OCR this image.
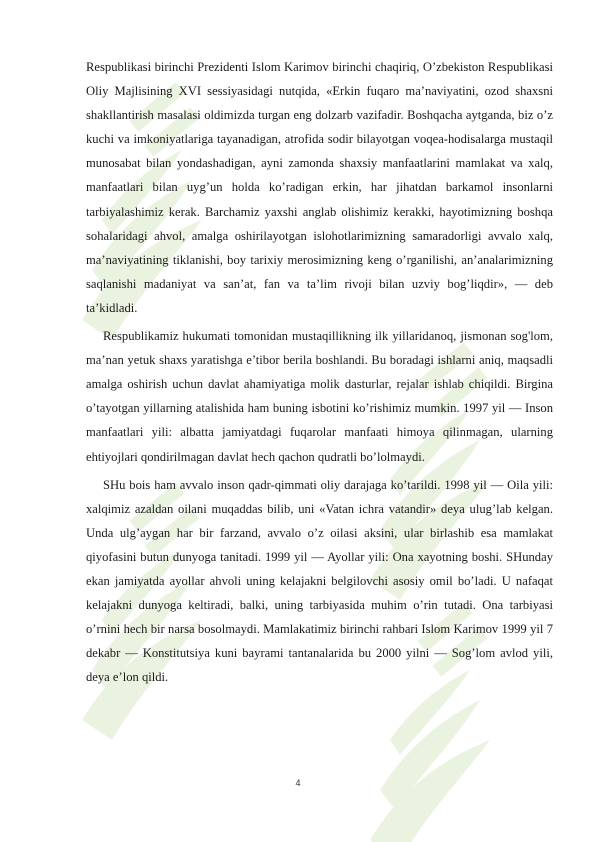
Respublikasi birinchi Prezidenti Islom Karimov birinchi chaqiriq, O’zbekiston Respublikasi Oliy Majlisining XVI sessiyasidagi nutqida, «Erkin fuqaro ma’naviyatini, ozod shaxsni shakllantirish masalasi oldimizda turgan eng dolzarb vazifadir. Boshqacha aytganda, biz o’z kuchi va imkoniyatlariga tayanadigan, atrofida sodir bilayotgan voqea-hodisalarga mustaqil munosabat bilan yondashadigan, ayni zamonda shaxsiy manfaatlarini mamlakat va xalq, manfaatlari bilan uyg’un holda ko’radigan erkin, har jihatdan barkamol insonlarni tarbiyalashimiz kerak. Barchamiz yaxshi anglab olishimiz kerakki, hayotimizning boshqa sohalaridagi ahvol, amalga oshirilayotgan islohotlarimizning samaradorligi avvalo xalq, ma’naviyatining tiklanishi, boy tarixiy merosimizning keng o’rganilishi, an’analarimizning saqlanishi madaniyat va san’at, fan va ta’lim rivoji bilan uzviy bog’liqdir», — deb ta’kidladi.

Respublikamiz hukumati tomonidan mustaqillikning ilk yillaridanoq, jismonan sog'lom, ma’nan yetuk shaxs yaratishga e’tibor berila boshlandi. Bu boradagi ishlarni aniq, maqsadli amalga oshirish uchun davlat ahamiyatiga molik dasturlar, rejalar ishlab chiqildi. Birgina o’tayotgan yillarning atalishida ham buning isbotini ko’rishimiz mumkin. 1997 yil — Inson manfaatlari yili: albatta jamiyatdagi fuqarolar manfaati himoya qilinmagan, ularning ehtiyojlari qondirilmagan davlat hech qachon qudratli bo’lolmaydi.

SHu bois ham avvalo inson qadr-qimmati oliy darajaga ko’tarildi. 1998 yil — Oila yili: xalqimiz azaldan oilani muqaddas bilib, uni «Vatan ichra vatandir» deya ulug’lab kelgan. Unda ulg’aygan har bir farzand, avvalo o’z oilasi aksini, ular birlashib esa mamlakat qiyofasini butun dunyoga tanitadi. 1999 yil — Ayollar yili: Ona xayotning boshi. SHunday ekan jamiyatda ayollar ahvoli uning kelajakni belgilovchi asosiy omil bo’ladi. U nafaqat kelajakni dunyoga keltiradi, balki, uning tarbiyasida muhim o’rin tutadi. Ona tarbiyasi o’rnini hech bir narsa bosolmaydi. Mamlakatimiz birinchi rahbari Islom Karimov 1999 yil 7 dekabr — Konstitutsiya kuni bayrami tantanalarida bu 2000 yilni — Sog’lom avlod yili, deya e’lon qildi.

4
